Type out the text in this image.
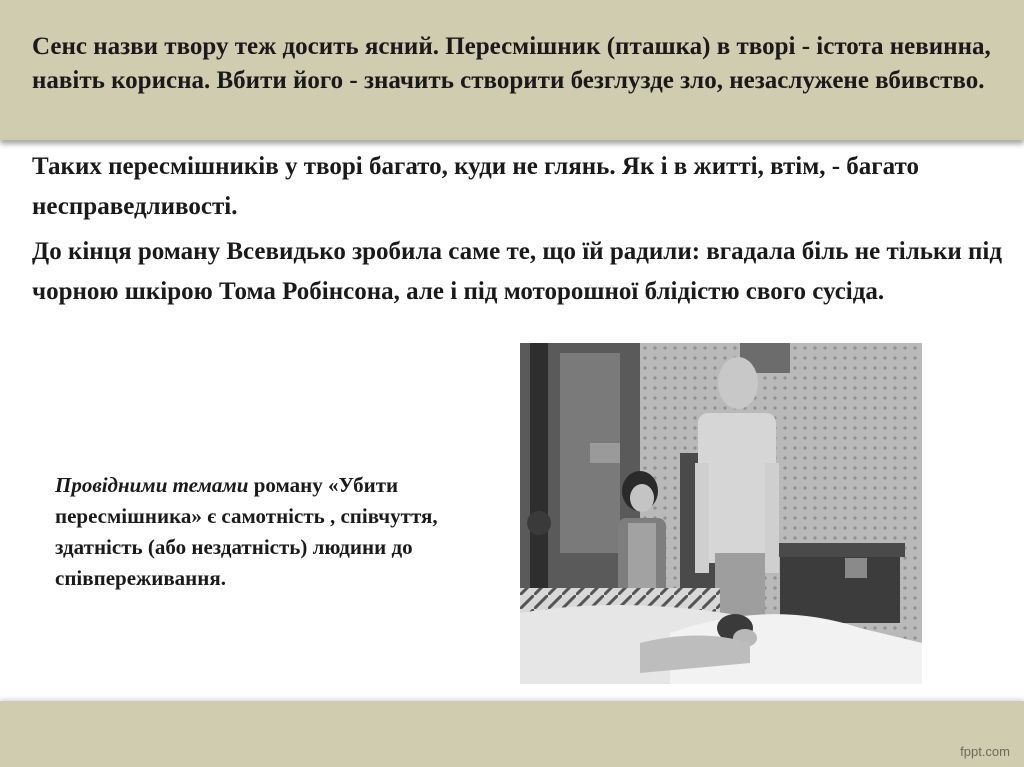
Сенс назви твору теж досить ясний. Пересмішник (пташка) в творі - істота невинна, навіть корисна. Вбити його - значить створити безглузде зло, незаслужене вбивство.

Таких пересмішників у творі багато, куди не глянь. Як і в житті, втім, - багато несправедливості.

До кінця роману Всевидько зробила саме те, що їй радили: вгадала біль не тільки під чорною шкірою Тома Робінсона, але і під моторошної блідістю свого сусіда.

Провідними темами роману «Убити пересмішника» є самотність , співчуття, здатність (або нездатність) людини до співпереживання.

fppt.com
